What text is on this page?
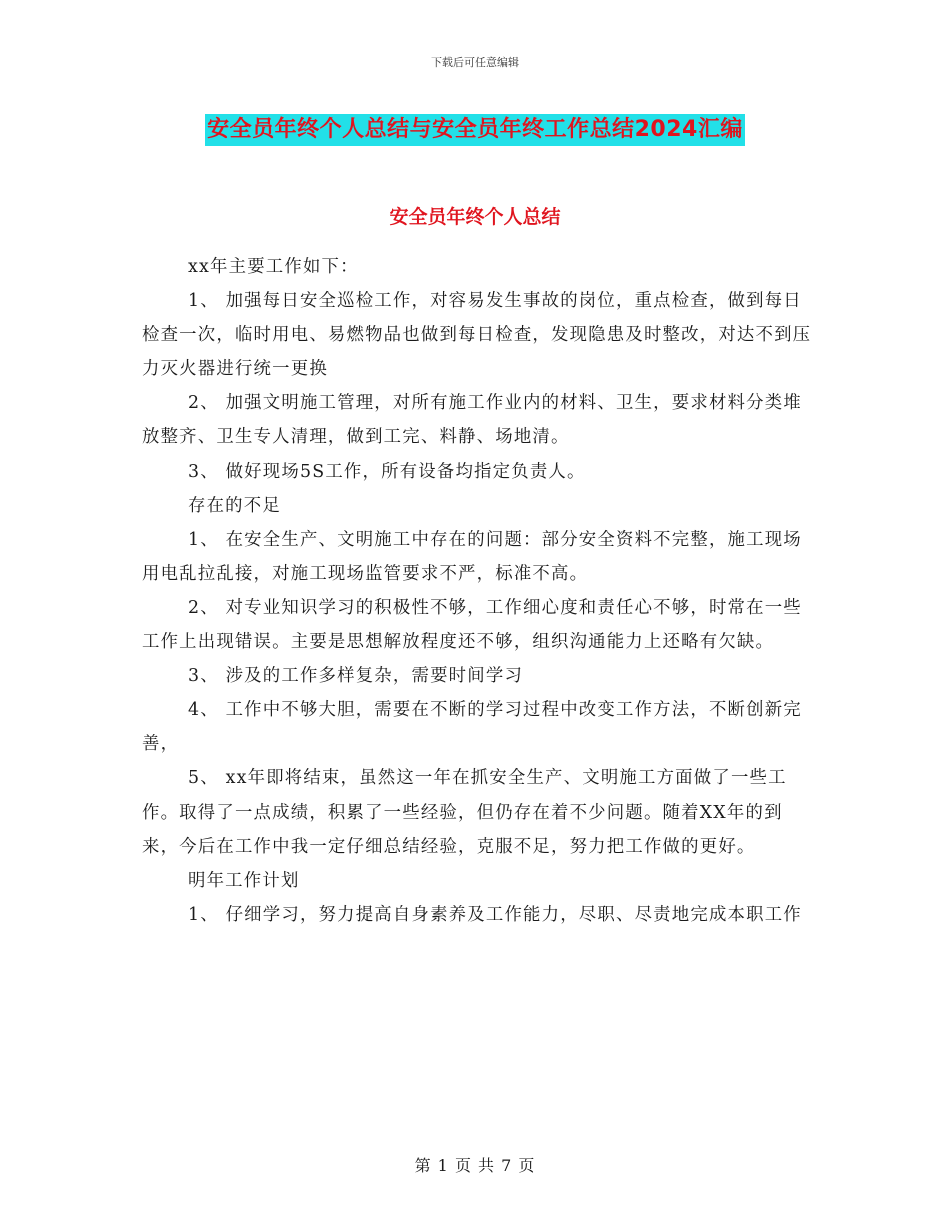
下载后可任意编辑
安全员年终个人总结与安全员年终工作总结2024汇编
安全员年终个人总结

xx年主要工作如下：

1、 加强每日安全巡检工作，对容易发生事故的岗位，重点检查，做到每日检查一次，临时用电、易燃物品也做到每日检查，发现隐患及时整改，对达不到压力灭火器进行统一更换

2、 加强文明施工管理，对所有施工作业内的材料、卫生，要求材料分类堆放整齐、卫生专人清理，做到工完、料静、场地清。

3、 做好现场5S工作，所有设备均指定负责人。

存在的不足

1、 在安全生产、文明施工中存在的问题：部分安全资料不完整，施工现场用电乱拉乱接，对施工现场监管要求不严，标准不高。

2、 对专业知识学习的积极性不够，工作细心度和责任心不够，时常在一些工作上出现错误。主要是思想解放程度还不够，组织沟通能力上还略有欠缺。

3、 涉及的工作多样复杂，需要时间学习

4、 工作中不够大胆，需要在不断的学习过程中改变工作方法，不断创新完善，

5、 xx年即将结束，虽然这一年在抓安全生产、文明施工方面做了一些工作。取得了一点成绩，积累了一些经验，但仍存在着不少问题。随着XX年的到来，今后在工作中我一定仔细总结经验，克服不足，努力把工作做的更好。

明年工作计划

1、 仔细学习，努力提高自身素养及工作能力，尽职、尽责地完成本职工作

第 1 页 共 7 页
